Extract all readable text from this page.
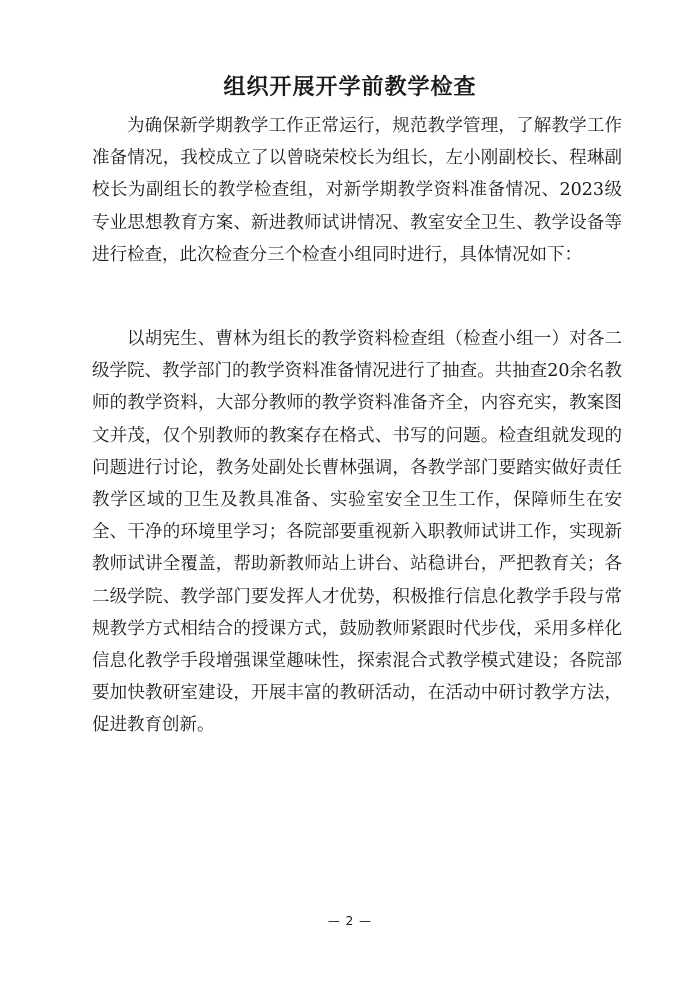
组织开展开学前教学检查

为确保新学期教学工作正常运行，规范教学管理，了解教学工作准备情况，我校成立了以曾晓荣校长为组长，左小刚副校长、程琳副校长为副组长的教学检查组，对新学期教学资料准备情况、2023级专业思想教育方案、新进教师试讲情况、教室安全卫生、教学设备等进行检查，此次检查分三个检查小组同时进行，具体情况如下：

以胡宪生、曹林为组长的教学资料检查组（检查小组一）对各二级学院、教学部门的教学资料准备情况进行了抽查。共抽查20余名教师的教学资料，大部分教师的教学资料准备齐全，内容充实，教案图文并茂，仅个别教师的教案存在格式、书写的问题。检查组就发现的问题进行讨论，教务处副处长曹林强调，各教学部门要踏实做好责任教学区域的卫生及教具准备、实验室安全卫生工作，保障师生在安全、干净的环境里学习；各院部要重视新入职教师试讲工作，实现新教师试讲全覆盖，帮助新教师站上讲台、站稳讲台，严把教育关；各二级学院、教学部门要发挥人才优势，积极推行信息化教学手段与常规教学方式相结合的授课方式，鼓励教师紧跟时代步伐，采用多样化信息化教学手段增强课堂趣味性，探索混合式教学模式建设；各院部要加快教研室建设，开展丰富的教研活动，在活动中研讨教学方法，促进教育创新。

— 2 —
